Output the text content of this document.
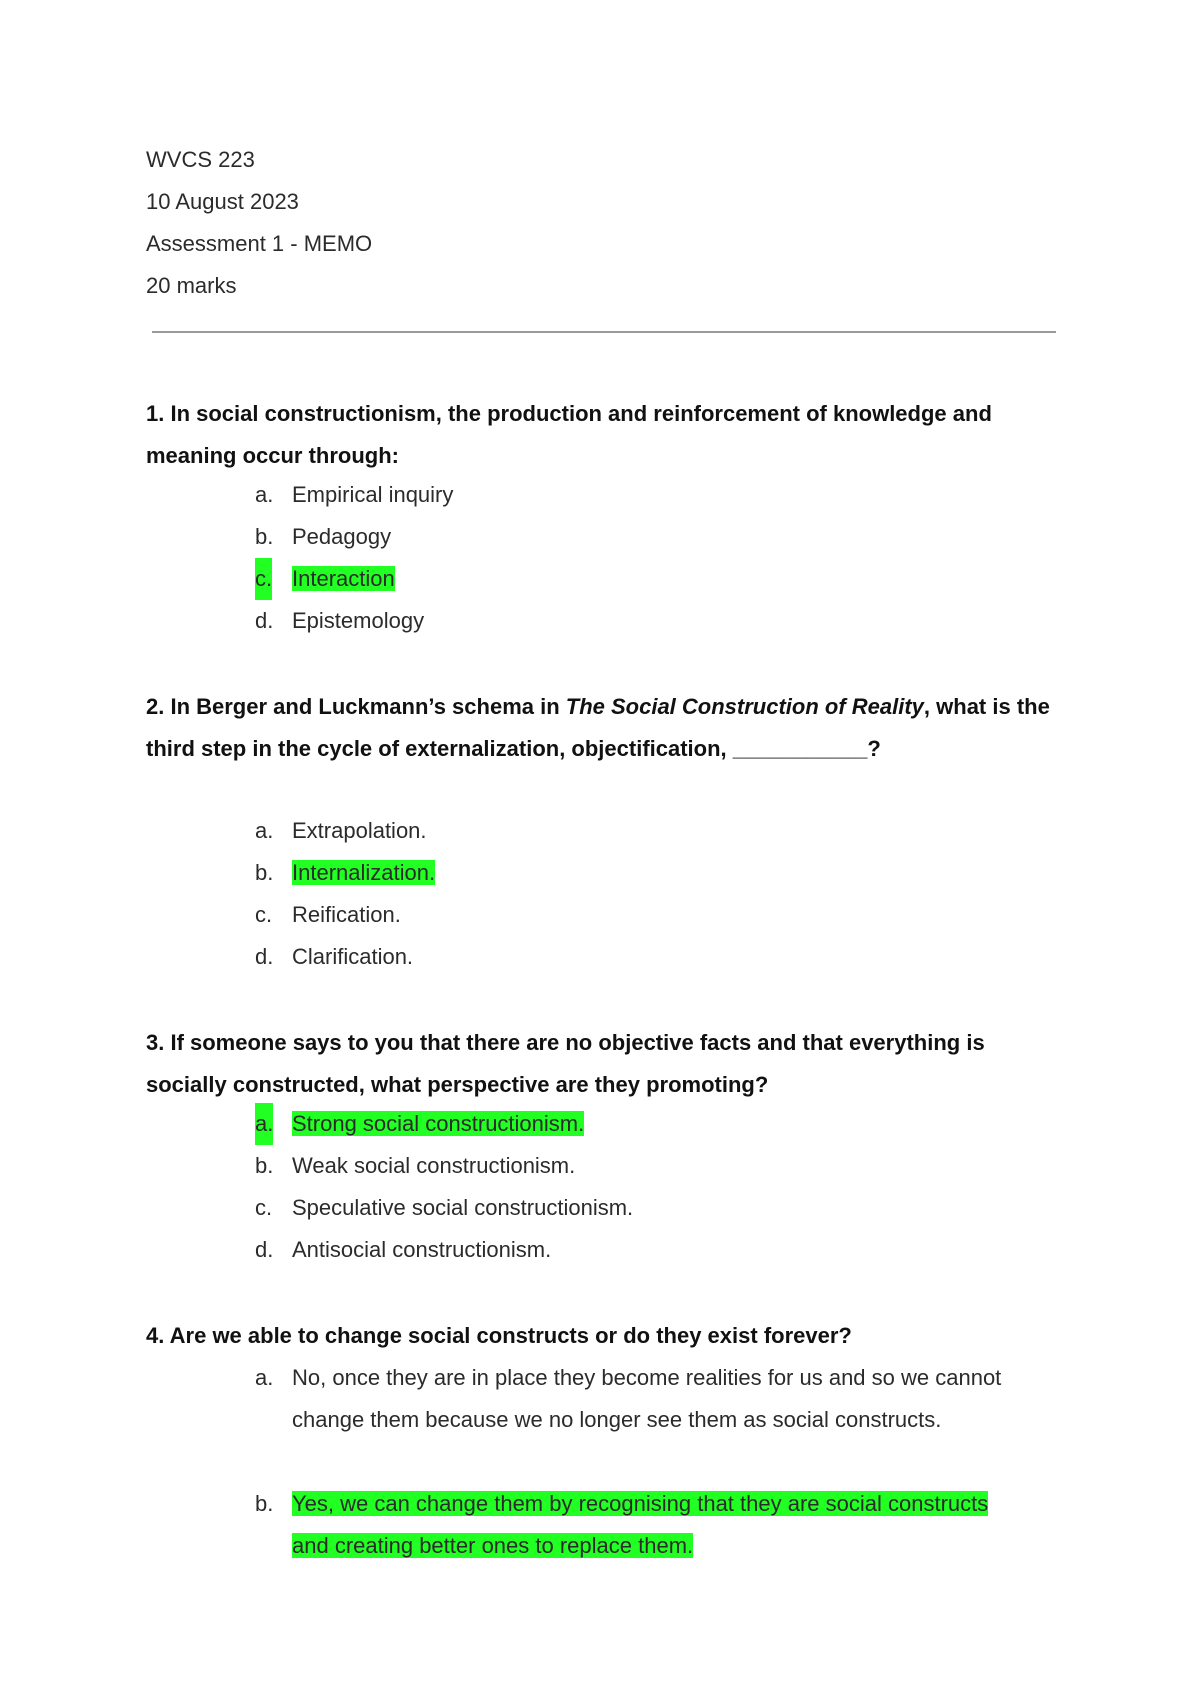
WVCS 223
10 August 2023
Assessment 1 - MEMO
20 marks
1. In social constructionism, the production and reinforcement of knowledge and meaning occur through:
a. Empirical inquiry
b. Pedagogy
c. Interaction
d. Epistemology
2. In Berger and Luckmann’s schema in The Social Construction of Reality, what is the third step in the cycle of externalization, objectification, ___________?
a. Extrapolation.
b. Internalization.
c. Reification.
d. Clarification.
3. If someone says to you that there are no objective facts and that everything is socially constructed, what perspective are they promoting?
a. Strong social constructionism.
b. Weak social constructionism.
c. Speculative social constructionism.
d. Antisocial constructionism.
4. Are we able to change social constructs or do they exist forever?
a. No, once they are in place they become realities for us and so we cannot change them because we no longer see them as social constructs.
b. Yes, we can change them by recognising that they are social constructs and creating better ones to replace them.
